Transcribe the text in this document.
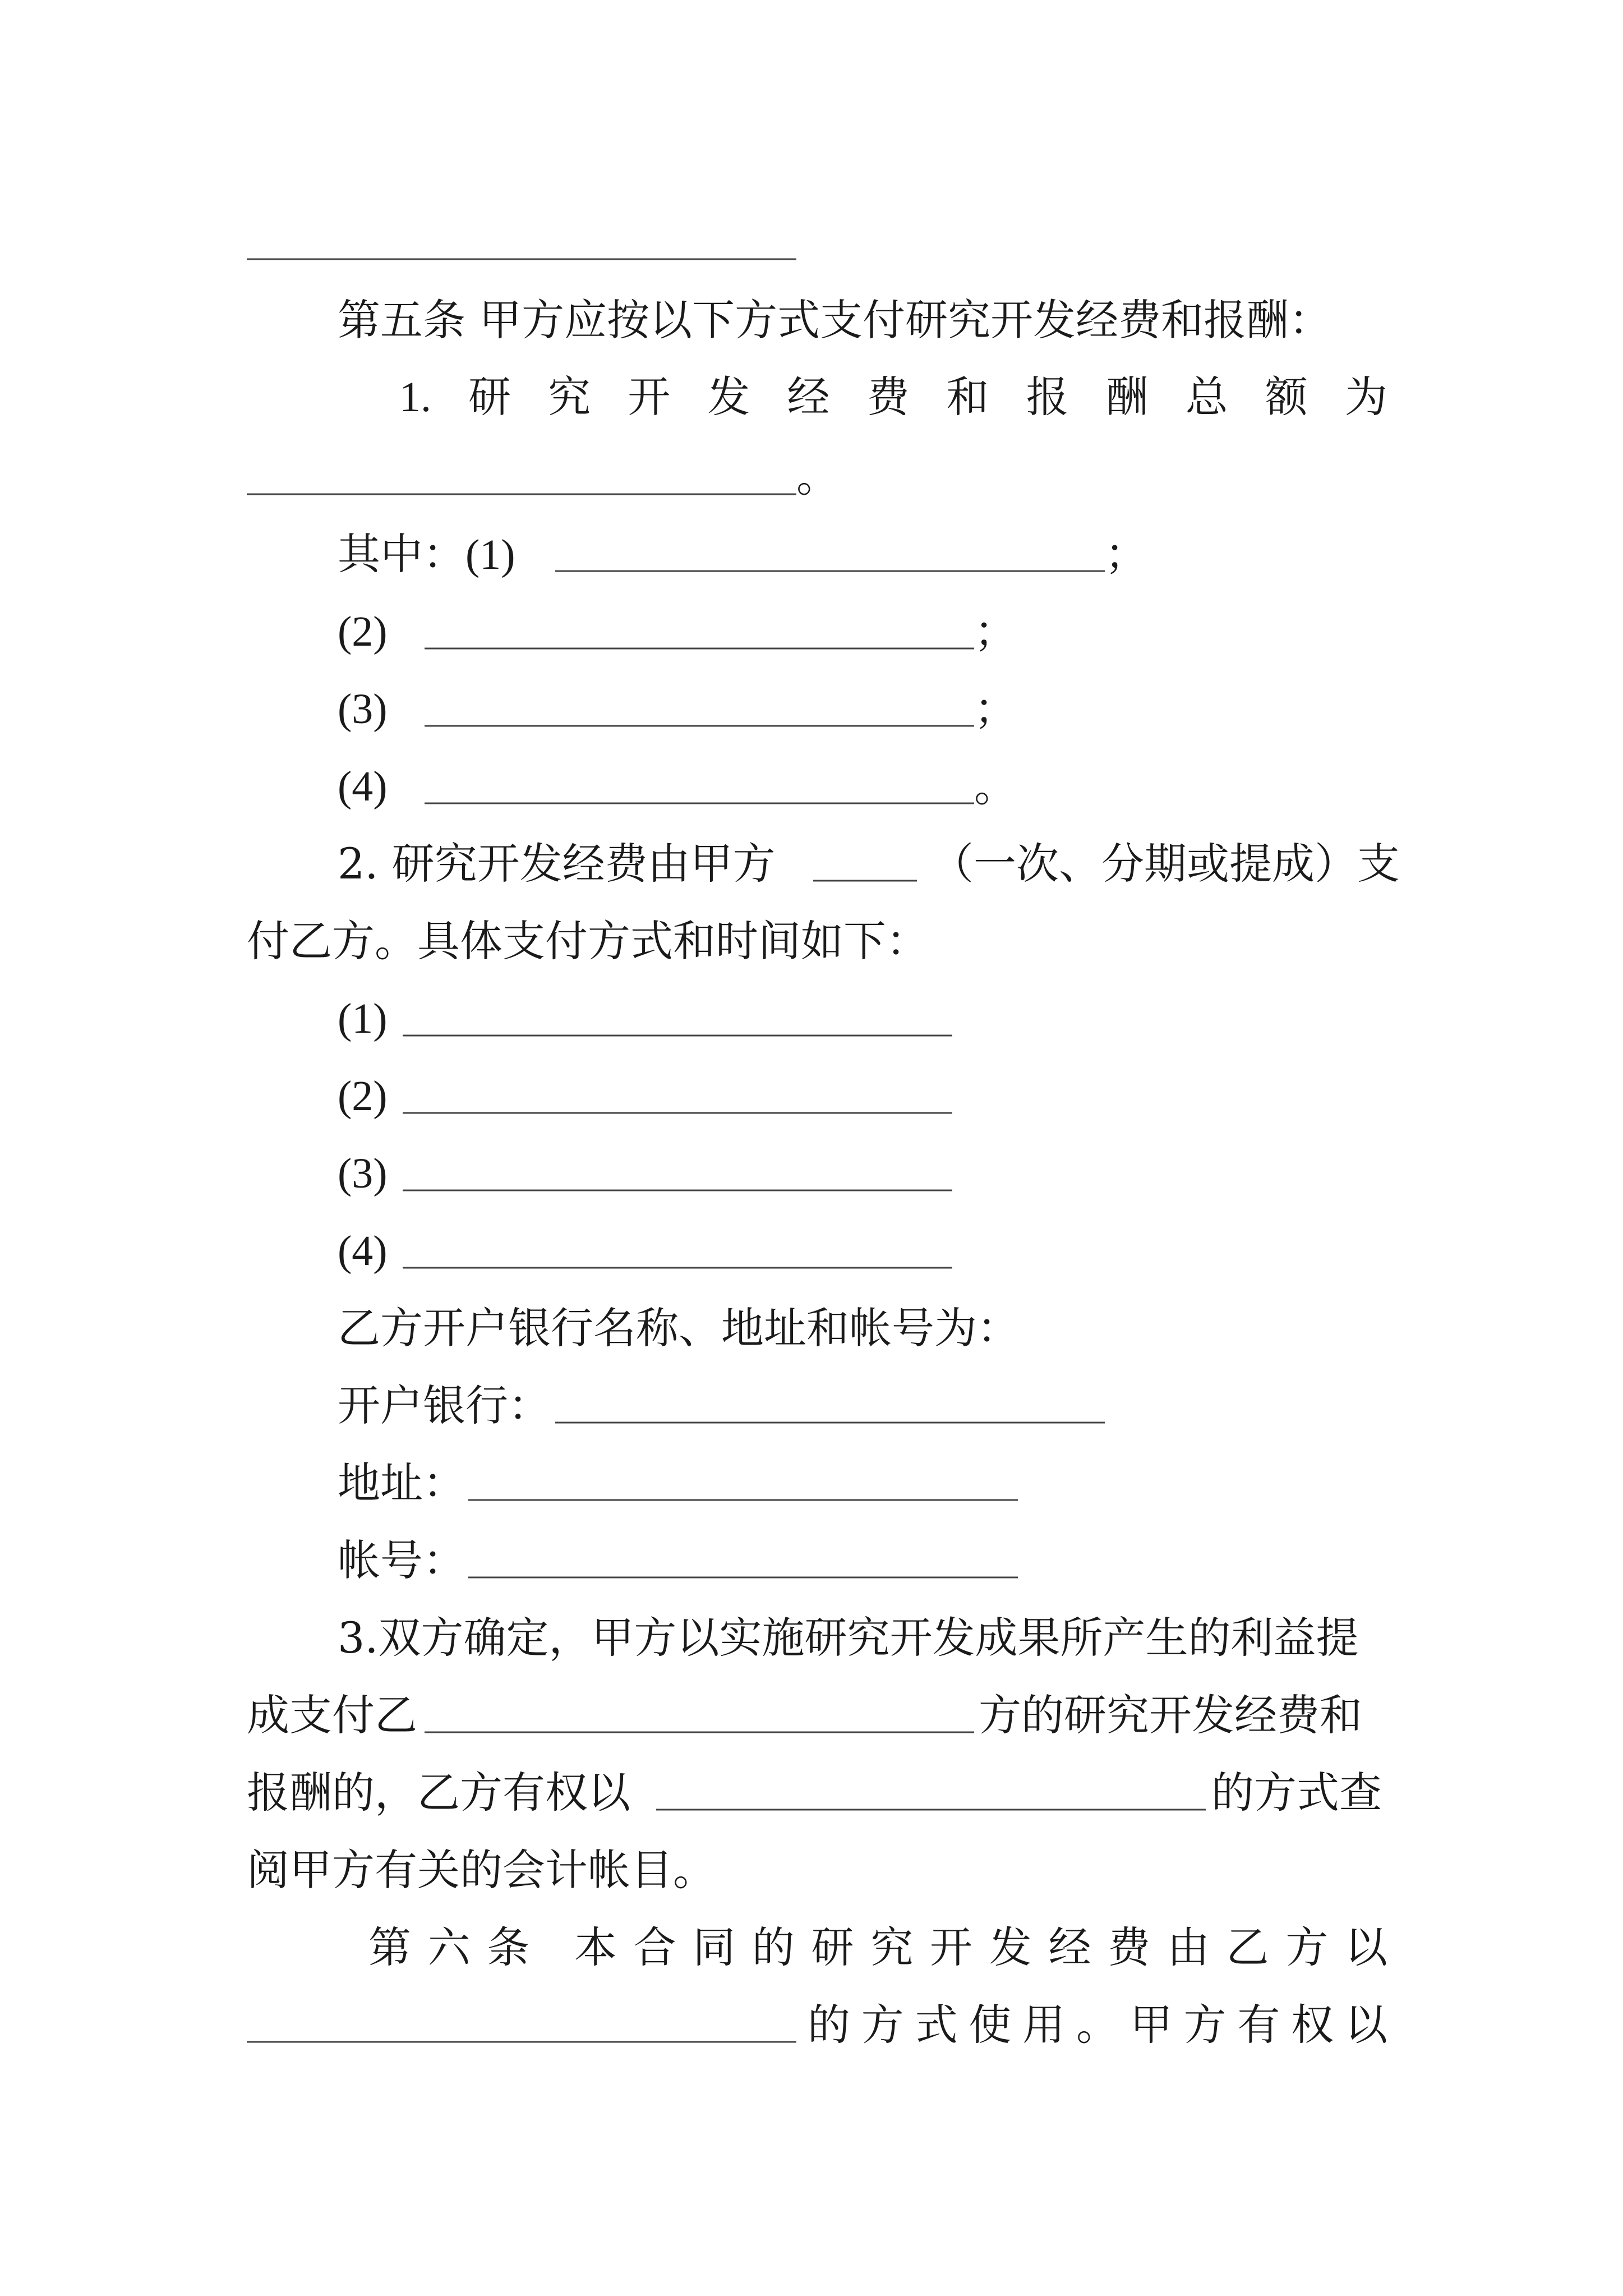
第五条 甲方应按以下方式支付研究开发经费和报酬：
1. 研 究 开 发 经 费 和 报 酬 总 额 为
。
其中：(1)	；
(2)	；
(3)	；
(4)	。
2. 研究开发经费由甲方	（一次、分期或提成）支
付乙方。具体支付方式和时间如下：
(1)
(2)
(3)
(4)
乙方开户银行名称、地址和帐号为：
开户银行：
地址：
帐号：
3.双方确定，甲方以实施研究开发成果所产生的利益提
成支付乙	方的研究开发经费和
报酬的，乙方有权以	的方式查
阅甲方有关的会计帐目。
第 六 条 本 合 同 的 研 究 开 发 经 费 由 乙 方 以
的 方 式 使 用 。 甲 方 有 权 以
